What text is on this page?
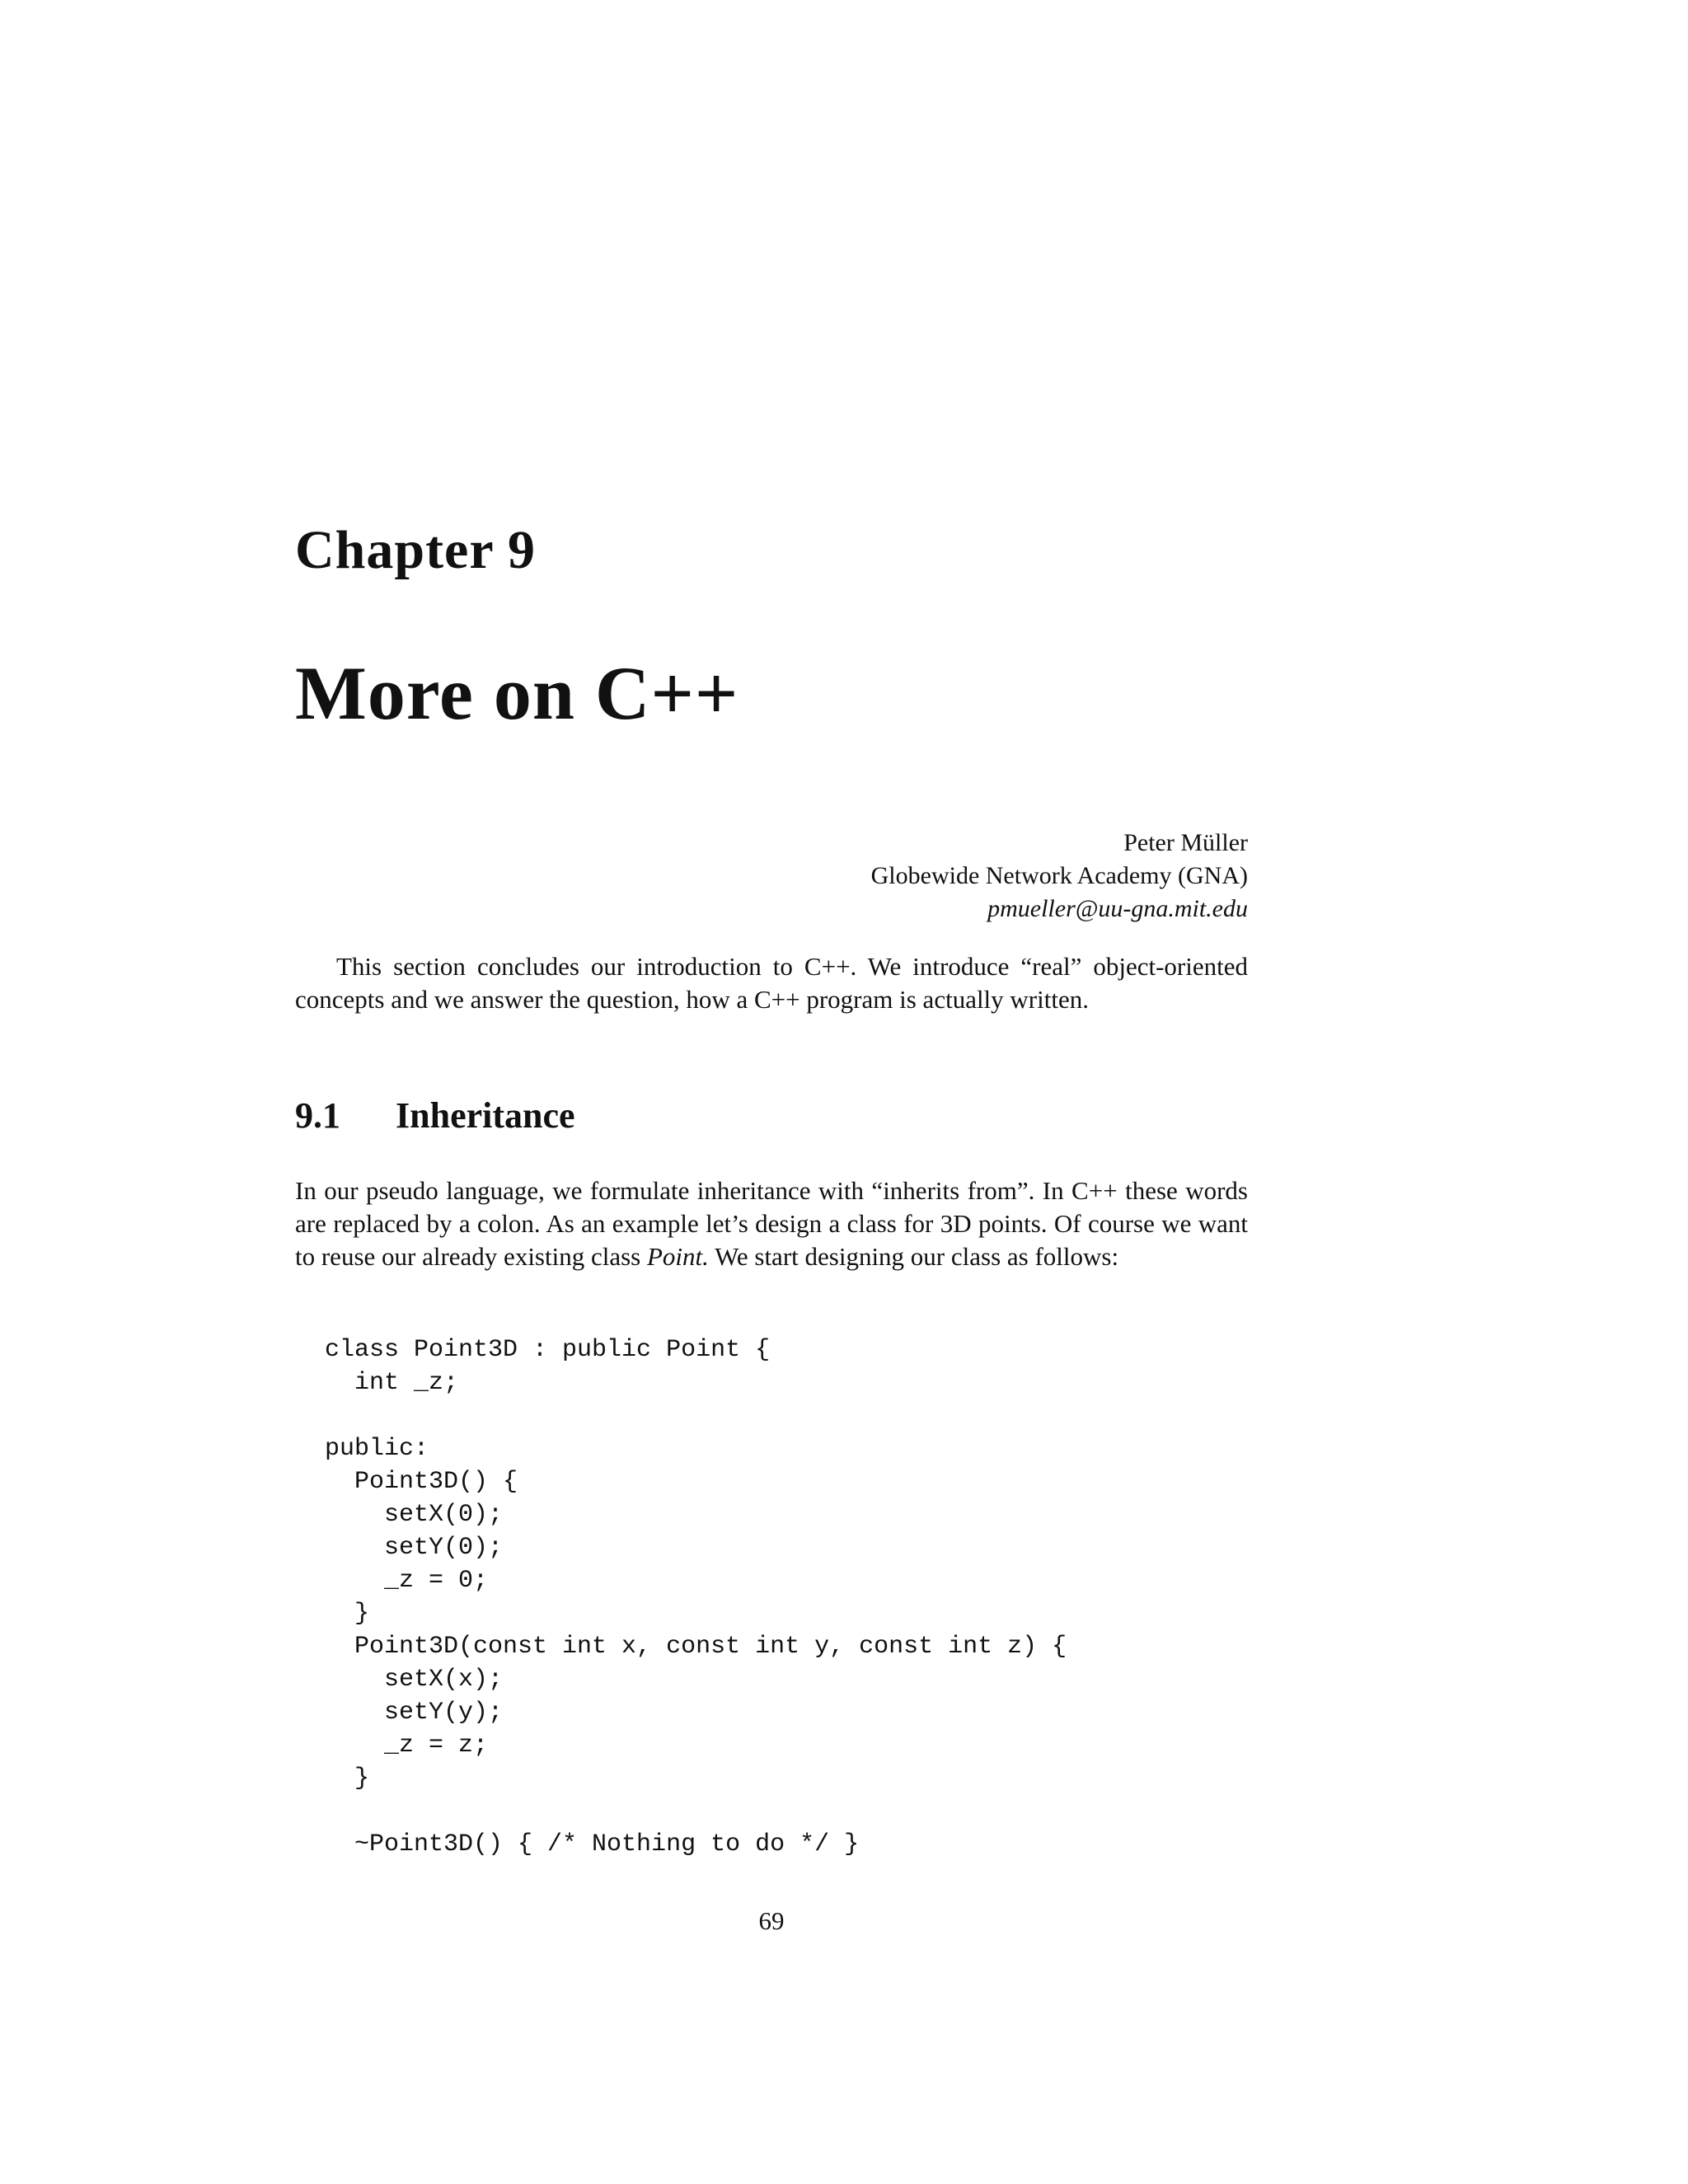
Chapter 9
More on C++
Peter Müller
Globewide Network Academy (GNA)
pmueller@uu-gna.mit.edu

This section concludes our introduction to C++. We introduce “real” object-oriented concepts and we answer the question, how a C++ program is actually written.

9.1 Inheritance

In our pseudo language, we formulate inheritance with “inherits from”. In C++ these words are replaced by a colon. As an example let’s design a class for 3D points. Of course we want to reuse our already existing class Point. We start designing our class as follows:

class Point3D : public Point {
int _z;
public:
Point3D() {
setX(0);
setY(0);
_z = 0;
}
Point3D(const int x, const int y, const int z) {
setX(x);
setY(y);
_z = z;
}
~Point3D() { /* Nothing to do */ }
69
